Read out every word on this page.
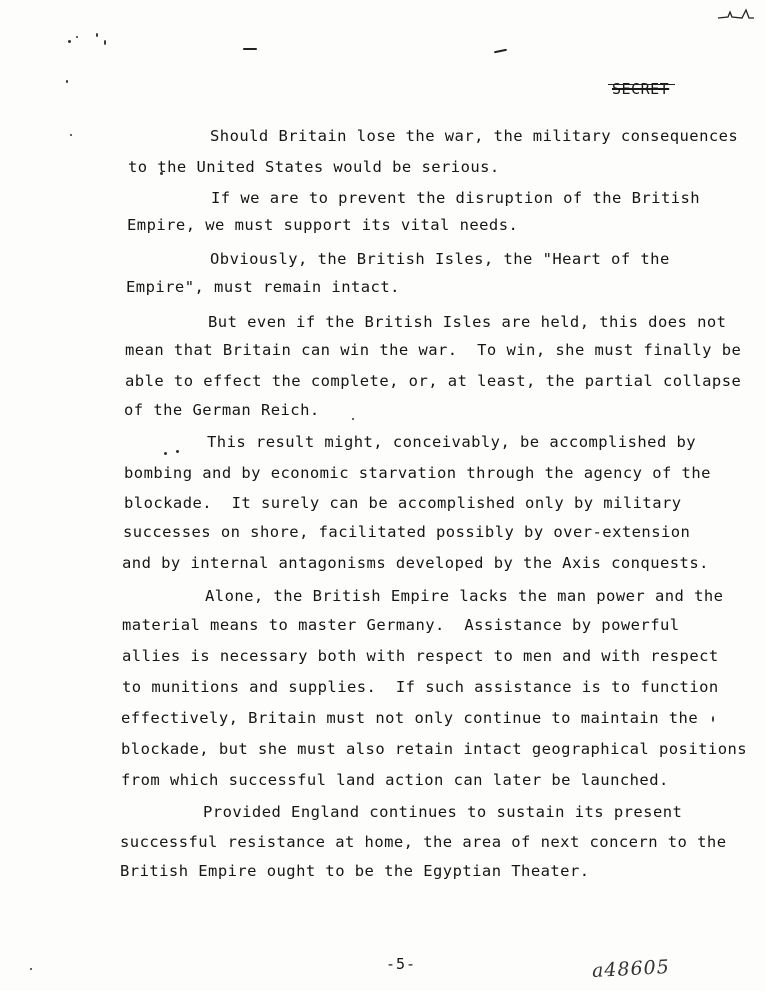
SECRET
Should Britain lose the war, the military consequences
to the United States would be serious.
If we are to prevent the disruption of the British
Empire, we must support its vital needs.
Obviously, the British Isles, the "Heart of the
Empire", must remain intact.
But even if the British Isles are held, this does not
mean that Britain can win the war.  To win, she must finally be
able to effect the complete, or, at least, the partial collapse
of the German Reich.
This result might, conceivably, be accomplished by
bombing and by economic starvation through the agency of the
blockade.  It surely can be accomplished only by military
successes on shore, facilitated possibly by over-extension
and by internal antagonisms developed by the Axis conquests.
Alone, the British Empire lacks the man power and the
material means to master Germany.  Assistance by powerful
allies is necessary both with respect to men and with respect
to munitions and supplies.  If such assistance is to function
effectively, Britain must not only continue to maintain the
blockade, but she must also retain intact geographical positions
from which successful land action can later be launched.
Provided England continues to sustain its present
successful resistance at home, the area of next concern to the
British Empire ought to be the Egyptian Theater.
-5-	a48605
